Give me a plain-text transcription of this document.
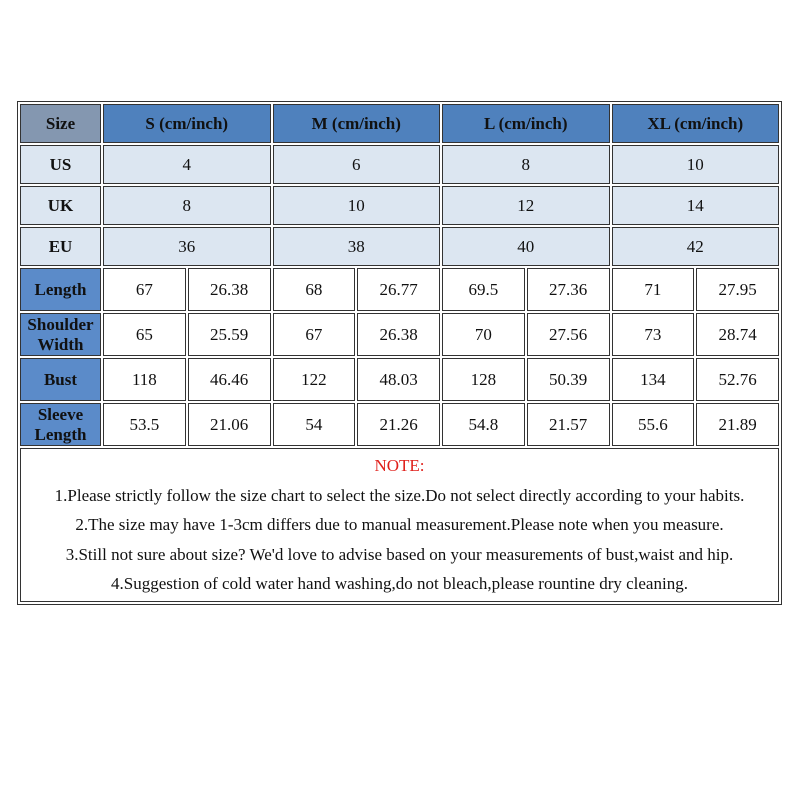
Size	S (cm/inch)		M (cm/inch)		L (cm/inch)		XL (cm/inch)	
US	4		6		8		10	
UK	8		10		12		14	
EU	36		38		40		42	
Length	67	26.38	68	26.77	69.5	27.36	71	27.95
Shoulder Width	65	25.59	67	26.38	70	27.56	73	28.74
Bust	118	46.46	122	48.03	128	50.39	134	52.76
Sleeve Length	53.5	21.06	54	21.26	54.8	21.57	55.6	21.89

NOTE:
1.Please strictly follow the size chart to select the size.Do not select directly according to your habits.
2.The size may have 1-3cm differs due to manual measurement.Please note when you measure.
3.Still not sure about size? We'd love to advise based on your measurements of bust,waist and hip.
4.Suggestion of cold water hand washing,do not bleach,please rountine dry cleaning.								
